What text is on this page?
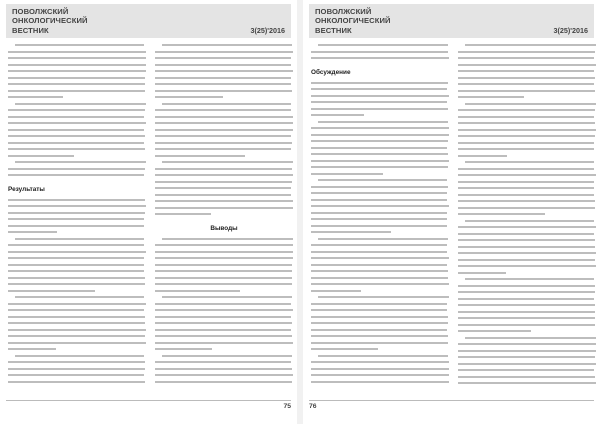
ПОВОЛЖСКИЙ
ОНКОЛОГИЧЕСКИЙ
ВЕСТНИК	3(25)'2016
Результаты
Выводы
75
ПОВОЛЖСКИЙ
ОНКОЛОГИЧЕСКИЙ
ВЕСТНИК	3(25)'2016
Обсуждение
76
